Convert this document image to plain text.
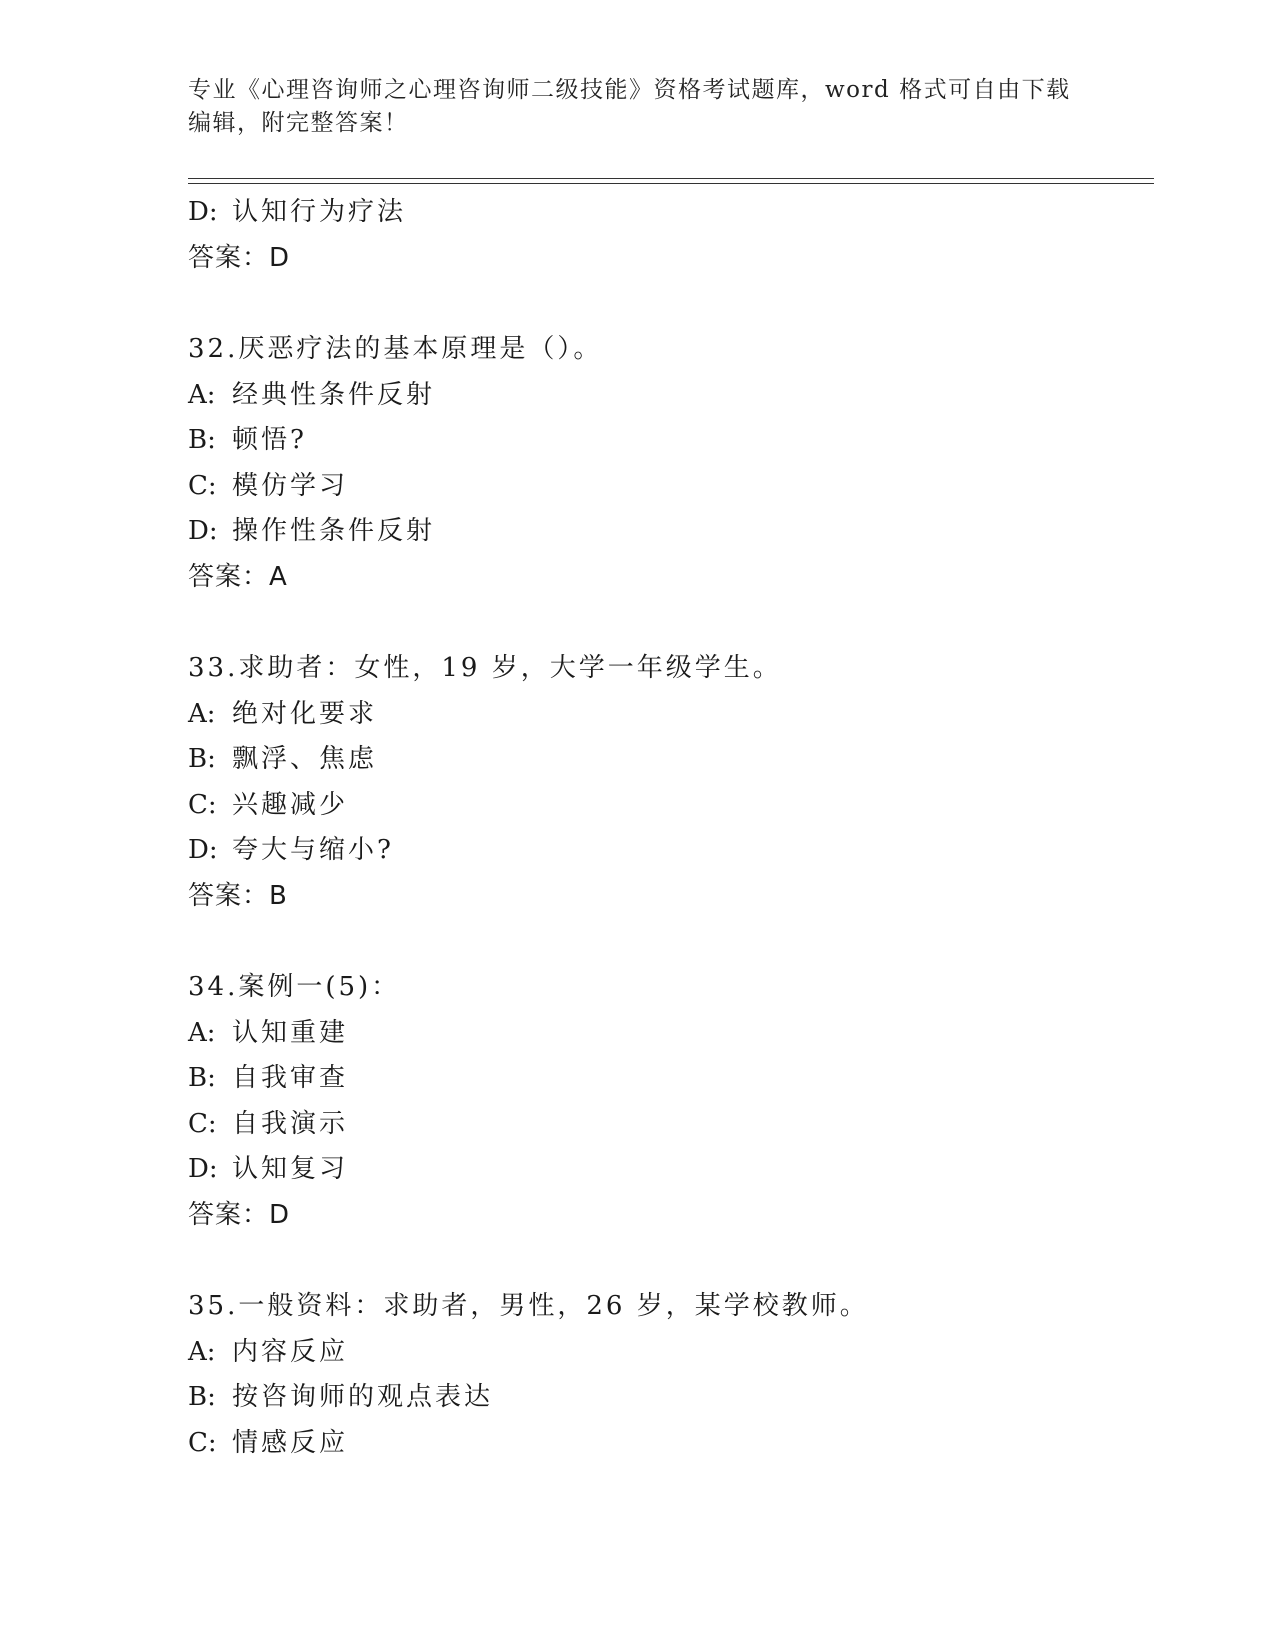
专业《心理咨询师之心理咨询师二级技能》资格考试题库，word 格式可自由下载
编辑，附完整答案！
D: 认知行为疗法
答案：D
32.厌恶疗法的基本原理是（）。
A: 经典性条件反射
B: 顿悟?
C: 模仿学习
D: 操作性条件反射
答案：A
33.求助者：女性，19 岁，大学一年级学生。
A: 绝对化要求
B: 飘浮、焦虑
C: 兴趣减少
D: 夸大与缩小?
答案：B
34.案例一(5)：
A: 认知重建
B: 自我审查
C: 自我演示
D: 认知复习
答案：D
35.一般资料：求助者，男性，26 岁，某学校教师。
A: 内容反应
B: 按咨询师的观点表达
C: 情感反应
